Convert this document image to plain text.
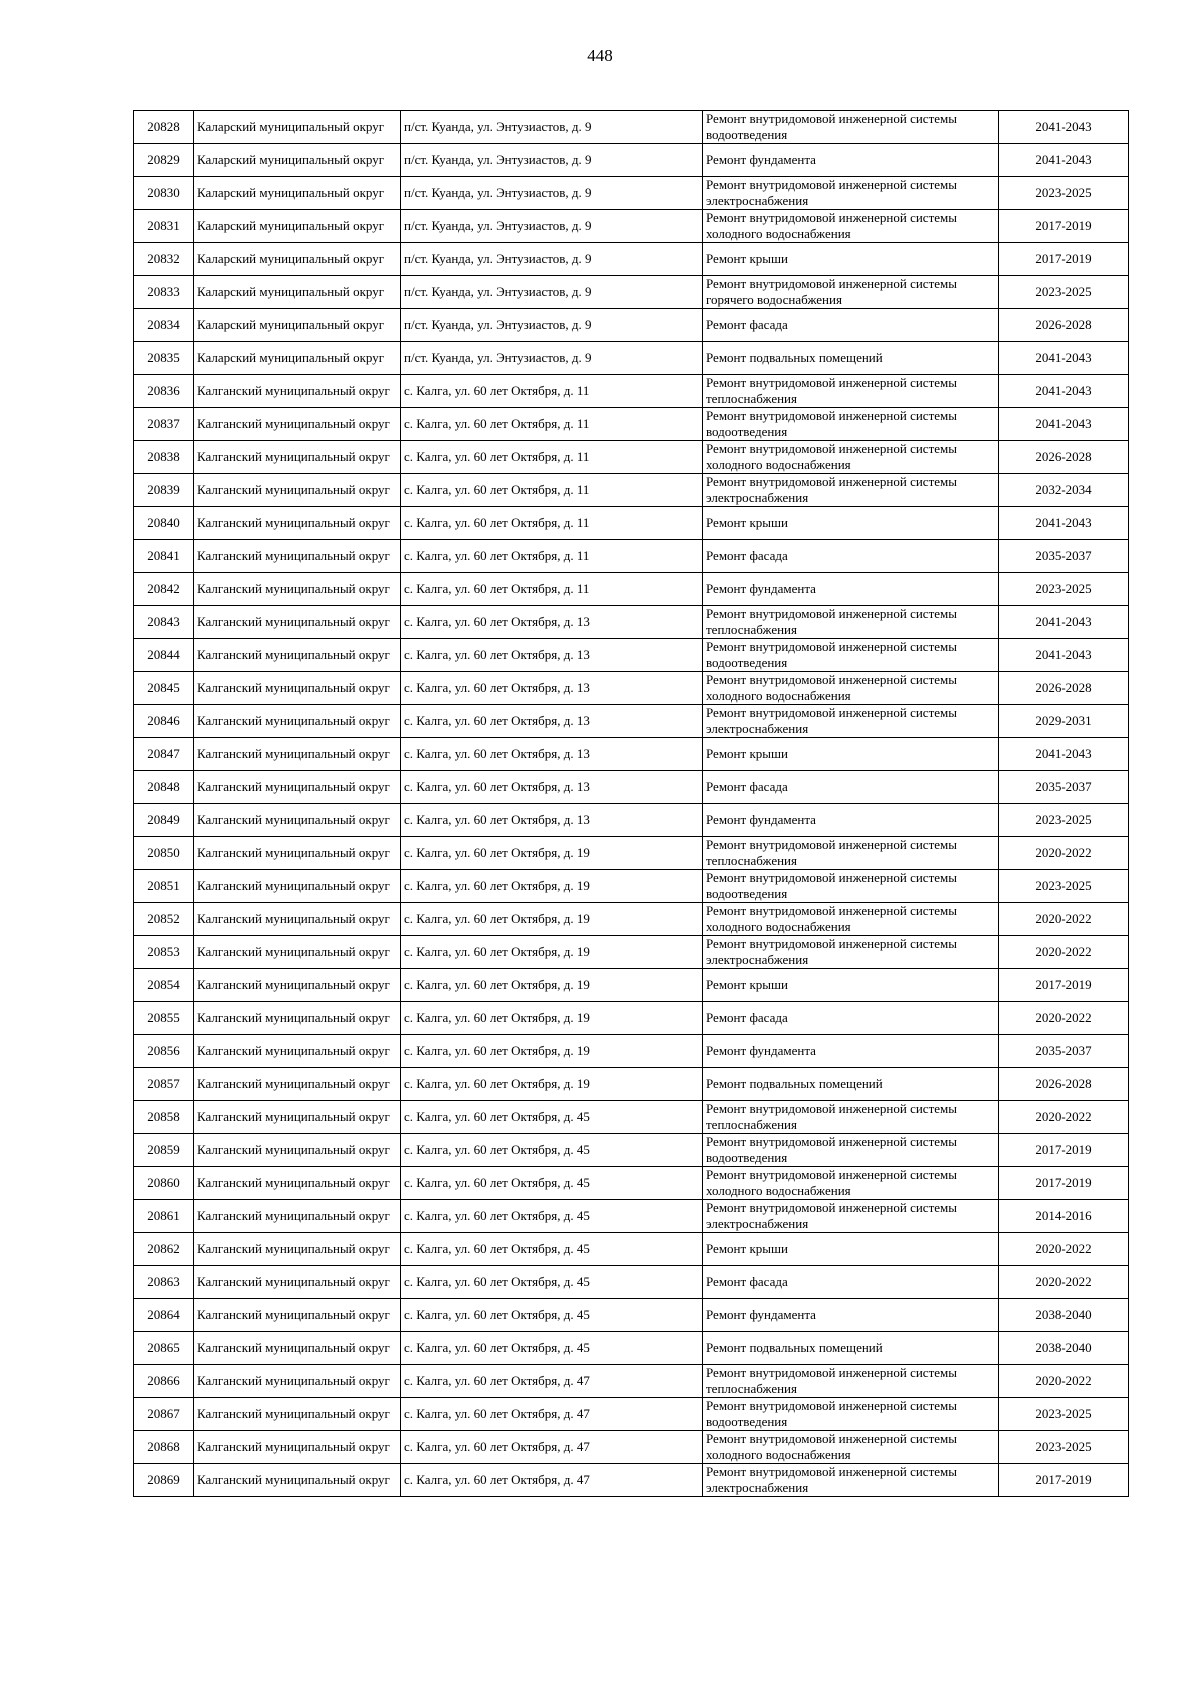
448
20828	Каларский муниципальный округ	п/ст. Куанда, ул. Энтузиастов, д. 9	Ремонт внутридомовой инженерной системы водоотведения	2041-2043
20829	Каларский муниципальный округ	п/ст. Куанда, ул. Энтузиастов, д. 9	Ремонт фундамента	2041-2043
20830	Каларский муниципальный округ	п/ст. Куанда, ул. Энтузиастов, д. 9	Ремонт внутридомовой инженерной системы электроснабжения	2023-2025
20831	Каларский муниципальный округ	п/ст. Куанда, ул. Энтузиастов, д. 9	Ремонт внутридомовой инженерной системы холодного водоснабжения	2017-2019
20832	Каларский муниципальный округ	п/ст. Куанда, ул. Энтузиастов, д. 9	Ремонт крыши	2017-2019
20833	Каларский муниципальный округ	п/ст. Куанда, ул. Энтузиастов, д. 9	Ремонт внутридомовой инженерной системы горячего водоснабжения	2023-2025
20834	Каларский муниципальный округ	п/ст. Куанда, ул. Энтузиастов, д. 9	Ремонт фасада	2026-2028
20835	Каларский муниципальный округ	п/ст. Куанда, ул. Энтузиастов, д. 9	Ремонт подвальных помещений	2041-2043
20836	Калганский муниципальный округ	с. Калга, ул. 60 лет Октября, д. 11	Ремонт внутридомовой инженерной системы теплоснабжения	2041-2043
20837	Калганский муниципальный округ	с. Калга, ул. 60 лет Октября, д. 11	Ремонт внутридомовой инженерной системы водоотведения	2041-2043
20838	Калганский муниципальный округ	с. Калга, ул. 60 лет Октября, д. 11	Ремонт внутридомовой инженерной системы холодного водоснабжения	2026-2028
20839	Калганский муниципальный округ	с. Калга, ул. 60 лет Октября, д. 11	Ремонт внутридомовой инженерной системы электроснабжения	2032-2034
20840	Калганский муниципальный округ	с. Калга, ул. 60 лет Октября, д. 11	Ремонт крыши	2041-2043
20841	Калганский муниципальный округ	с. Калга, ул. 60 лет Октября, д. 11	Ремонт фасада	2035-2037
20842	Калганский муниципальный округ	с. Калга, ул. 60 лет Октября, д. 11	Ремонт фундамента	2023-2025
20843	Калганский муниципальный округ	с. Калга, ул. 60 лет Октября, д. 13	Ремонт внутридомовой инженерной системы теплоснабжения	2041-2043
20844	Калганский муниципальный округ	с. Калга, ул. 60 лет Октября, д. 13	Ремонт внутридомовой инженерной системы водоотведения	2041-2043
20845	Калганский муниципальный округ	с. Калга, ул. 60 лет Октября, д. 13	Ремонт внутридомовой инженерной системы холодного водоснабжения	2026-2028
20846	Калганский муниципальный округ	с. Калга, ул. 60 лет Октября, д. 13	Ремонт внутридомовой инженерной системы электроснабжения	2029-2031
20847	Калганский муниципальный округ	с. Калга, ул. 60 лет Октября, д. 13	Ремонт крыши	2041-2043
20848	Калганский муниципальный округ	с. Калга, ул. 60 лет Октября, д. 13	Ремонт фасада	2035-2037
20849	Калганский муниципальный округ	с. Калга, ул. 60 лет Октября, д. 13	Ремонт фундамента	2023-2025
20850	Калганский муниципальный округ	с. Калга, ул. 60 лет Октября, д. 19	Ремонт внутридомовой инженерной системы теплоснабжения	2020-2022
20851	Калганский муниципальный округ	с. Калга, ул. 60 лет Октября, д. 19	Ремонт внутридомовой инженерной системы водоотведения	2023-2025
20852	Калганский муниципальный округ	с. Калга, ул. 60 лет Октября, д. 19	Ремонт внутридомовой инженерной системы холодного водоснабжения	2020-2022
20853	Калганский муниципальный округ	с. Калга, ул. 60 лет Октября, д. 19	Ремонт внутридомовой инженерной системы электроснабжения	2020-2022
20854	Калганский муниципальный округ	с. Калга, ул. 60 лет Октября, д. 19	Ремонт крыши	2017-2019
20855	Калганский муниципальный округ	с. Калга, ул. 60 лет Октября, д. 19	Ремонт фасада	2020-2022
20856	Калганский муниципальный округ	с. Калга, ул. 60 лет Октября, д. 19	Ремонт фундамента	2035-2037
20857	Калганский муниципальный округ	с. Калга, ул. 60 лет Октября, д. 19	Ремонт подвальных помещений	2026-2028
20858	Калганский муниципальный округ	с. Калга, ул. 60 лет Октября, д. 45	Ремонт внутридомовой инженерной системы теплоснабжения	2020-2022
20859	Калганский муниципальный округ	с. Калга, ул. 60 лет Октября, д. 45	Ремонт внутридомовой инженерной системы водоотведения	2017-2019
20860	Калганский муниципальный округ	с. Калга, ул. 60 лет Октября, д. 45	Ремонт внутридомовой инженерной системы холодного водоснабжения	2017-2019
20861	Калганский муниципальный округ	с. Калга, ул. 60 лет Октября, д. 45	Ремонт внутридомовой инженерной системы электроснабжения	2014-2016
20862	Калганский муниципальный округ	с. Калга, ул. 60 лет Октября, д. 45	Ремонт крыши	2020-2022
20863	Калганский муниципальный округ	с. Калга, ул. 60 лет Октября, д. 45	Ремонт фасада	2020-2022
20864	Калганский муниципальный округ	с. Калга, ул. 60 лет Октября, д. 45	Ремонт фундамента	2038-2040
20865	Калганский муниципальный округ	с. Калга, ул. 60 лет Октября, д. 45	Ремонт подвальных помещений	2038-2040
20866	Калганский муниципальный округ	с. Калга, ул. 60 лет Октября, д. 47	Ремонт внутридомовой инженерной системы теплоснабжения	2020-2022
20867	Калганский муниципальный округ	с. Калга, ул. 60 лет Октября, д. 47	Ремонт внутридомовой инженерной системы водоотведения	2023-2025
20868	Калганский муниципальный округ	с. Калга, ул. 60 лет Октября, д. 47	Ремонт внутридомовой инженерной системы холодного водоснабжения	2023-2025
20869	Калганский муниципальный округ	с. Калга, ул. 60 лет Октября, д. 47	Ремонт внутридомовой инженерной системы электроснабжения	2017-2019
